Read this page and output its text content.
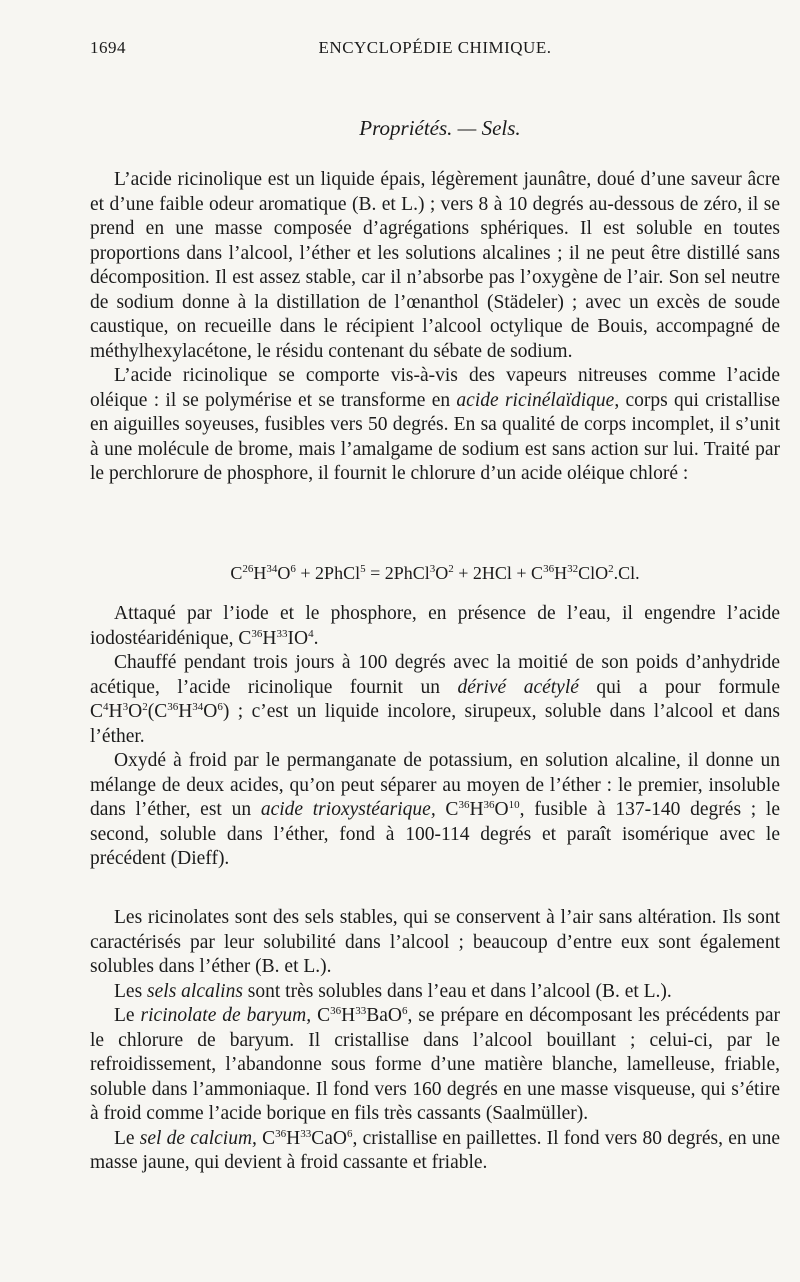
1694	ENCYCLOPÉDIE CHIMIQUE.
Propriétés. — Sels.

L’acide ricinolique est un liquide épais, légèrement jaunâtre, doué d’une saveur âcre et d’une faible odeur aromatique (B. et L.) ; vers 8 à 10 degrés au-dessous de zéro, il se prend en une masse composée d’agrégations sphériques. Il est soluble en toutes proportions dans l’alcool, l’éther et les solutions alcalines ; il ne peut être distillé sans décomposition. Il est assez stable, car il n’absorbe pas l’oxygène de l’air. Son sel neutre de sodium donne à la distillation de l’œnanthol (Städeler) ; avec un excès de soude caustique, on recueille dans le récipient l’alcool octylique de Bouis, accompagné de méthylhexylacétone, le résidu contenant du sébate de sodium.

L’acide ricinolique se comporte vis-à-vis des vapeurs nitreuses comme l’acide oléique : il se polymérise et se transforme en acide ricinélaïdique, corps qui cristallise en aiguilles soyeuses, fusibles vers 50 degrés. En sa qualité de corps incomplet, il s’unit à une molécule de brome, mais l’amalgame de sodium est sans action sur lui. Traité par le perchlorure de phosphore, il fournit le chlorure d’un acide oléique chloré :

$C^{26}H^{34}O^6$ + 2PhCl$^5$ = $2PhCl^3O^2 + 2HCl + C^{36}H^{32}ClO^2.Cl$.

Attaqué par l’iode et le phosphore, en présence de l’eau, il engendre l’acide iodostéaridénique, $C^{36}H^{33}IO^4$.

Chauffé pendant trois jours à 100 degrés avec la moitié de son poids d’anhydride acétique, l’acide ricinolique fournit un dérivé acétylé qui a pour formule $C^4H^3O^2(C^{36}H^{34}O^6)$ ; c’est un liquide incolore, sirupeux, soluble dans l’alcool et dans l’éther.

Oxydé à froid par le permanganate de potassium, en solution alcaline, il donne un mélange de deux acides, qu’on peut séparer au moyen de l’éther : le premier, insoluble dans l’éther, est un acide trioxystéarique, $C^{36}H^{36}O^{10}$, fusible à 137-140 degrés ; le second, soluble dans l’éther, fond à 100-114 degrés et paraît isomérique avec le précédent (Dieff).

Les ricinolates sont des sels stables, qui se conservent à l’air sans altération. Ils sont caractérisés par leur solubilité dans l’alcool ; beaucoup d’entre eux sont également solubles dans l’éther (B. et L.).

Les sels alcalins sont très solubles dans l’eau et dans l’alcool (B. et L.).

Le ricinolate de baryum, $C^{36}H^{33}BaO^6$, se prépare en décomposant les précédents par le chlorure de baryum. Il cristallise dans l’alcool bouillant ; celui-ci, par le refroidissement, l’abandonne sous forme d’une matière blanche, lamelleuse, friable, soluble dans l’ammoniaque. Il fond vers 160 degrés en une masse visqueuse, qui s’étire à froid comme l’acide borique en fils très cassants (Saalmüller).

Le sel de calcium, $C^{36}H^{33}CaO^6$, cristallise en paillettes. Il fond vers 80 degrés, en une masse jaune, qui devient à froid cassante et friable.
